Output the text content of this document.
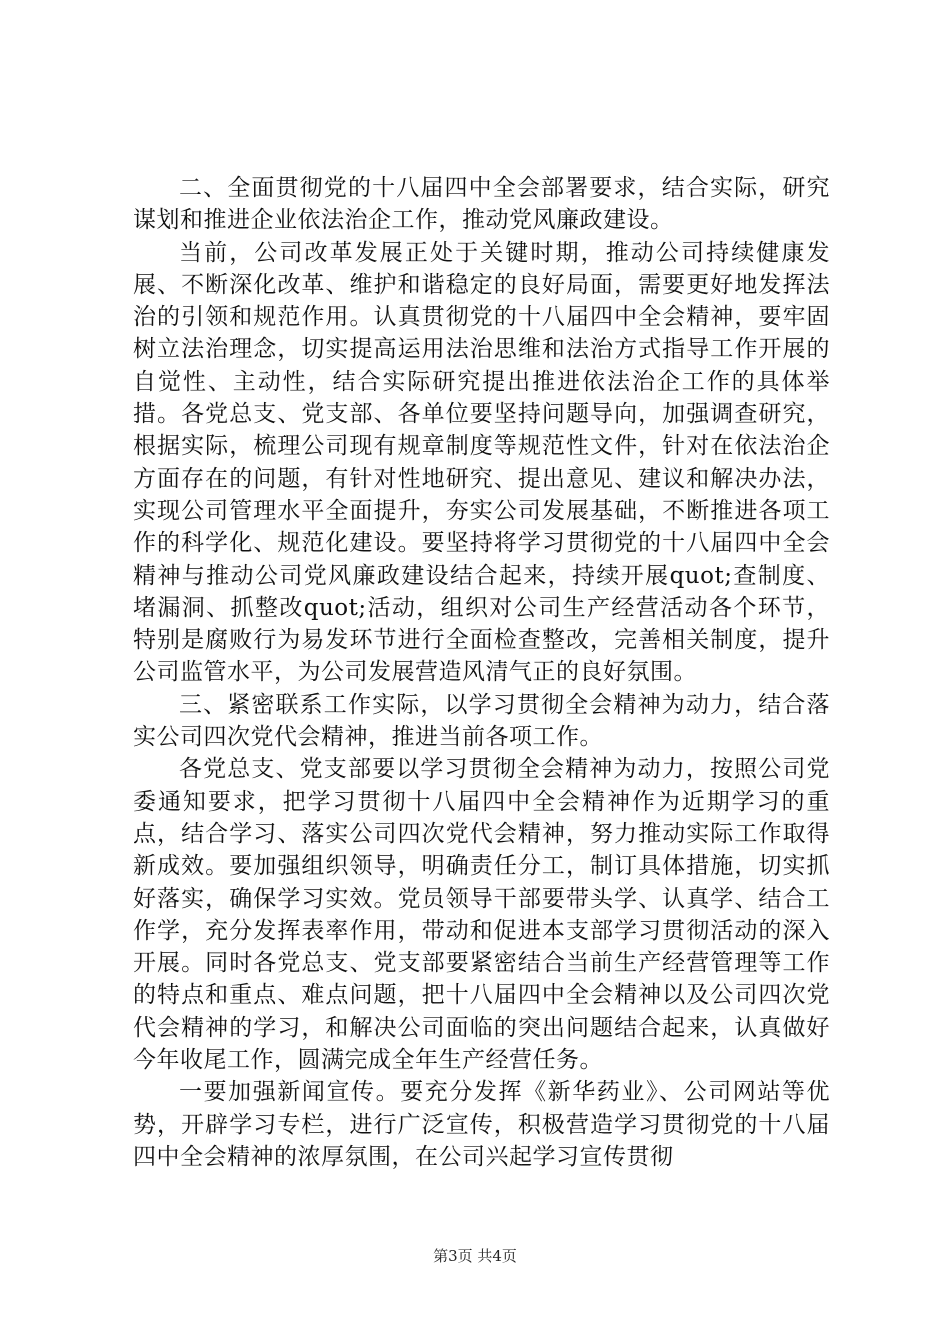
二、全面贯彻党的十八届四中全会部署要求，结合实际，研究谋划和推进企业依法治企工作，推动党风廉政建设。

当前，公司改革发展正处于关键时期，推动公司持续健康发展、不断深化改革、维护和谐稳定的良好局面，需要更好地发挥法治的引领和规范作用。认真贯彻党的十八届四中全会精神，要牢固树立法治理念，切实提高运用法治思维和法治方式指导工作开展的自觉性、主动性，结合实际研究提出推进依法治企工作的具体举措。各党总支、党支部、各单位要坚持问题导向，加强调查研究，根据实际，梳理公司现有规章制度等规范性文件，针对在依法治企方面存在的问题，有针对性地研究、提出意见、建议和解决办法，实现公司管理水平全面提升，夯实公司发展基础，不断推进各项工作的科学化、规范化建设。要坚持将学习贯彻党的十八届四中全会精神与推动公司党风廉政建设结合起来，持续开展quot;查制度、堵漏洞、抓整改quot;活动，组织对公司生产经营活动各个环节，特别是腐败行为易发环节进行全面检查整改，完善相关制度，提升公司监管水平，为公司发展营造风清气正的良好氛围。

三、紧密联系工作实际，以学习贯彻全会精神为动力，结合落实公司四次党代会精神，推进当前各项工作。

各党总支、党支部要以学习贯彻全会精神为动力，按照公司党委通知要求，把学习贯彻十八届四中全会精神作为近期学习的重点，结合学习、落实公司四次党代会精神，努力推动实际工作取得新成效。要加强组织领导，明确责任分工，制订具体措施，切实抓好落实，确保学习实效。党员领导干部要带头学、认真学、结合工作学，充分发挥表率作用，带动和促进本支部学习贯彻活动的深入开展。同时各党总支、党支部要紧密结合当前生产经营管理等工作的特点和重点、难点问题，把十八届四中全会精神以及公司四次党代会精神的学习，和解决公司面临的突出问题结合起来，认真做好今年收尾工作，圆满完成全年生产经营任务。

一要加强新闻宣传。要充分发挥《新华药业》、公司网站等优势，开辟学习专栏，进行广泛宣传，积极营造学习贯彻党的十八届四中全会精神的浓厚氛围，在公司兴起学习宣传贯彻

第3页 共4页
